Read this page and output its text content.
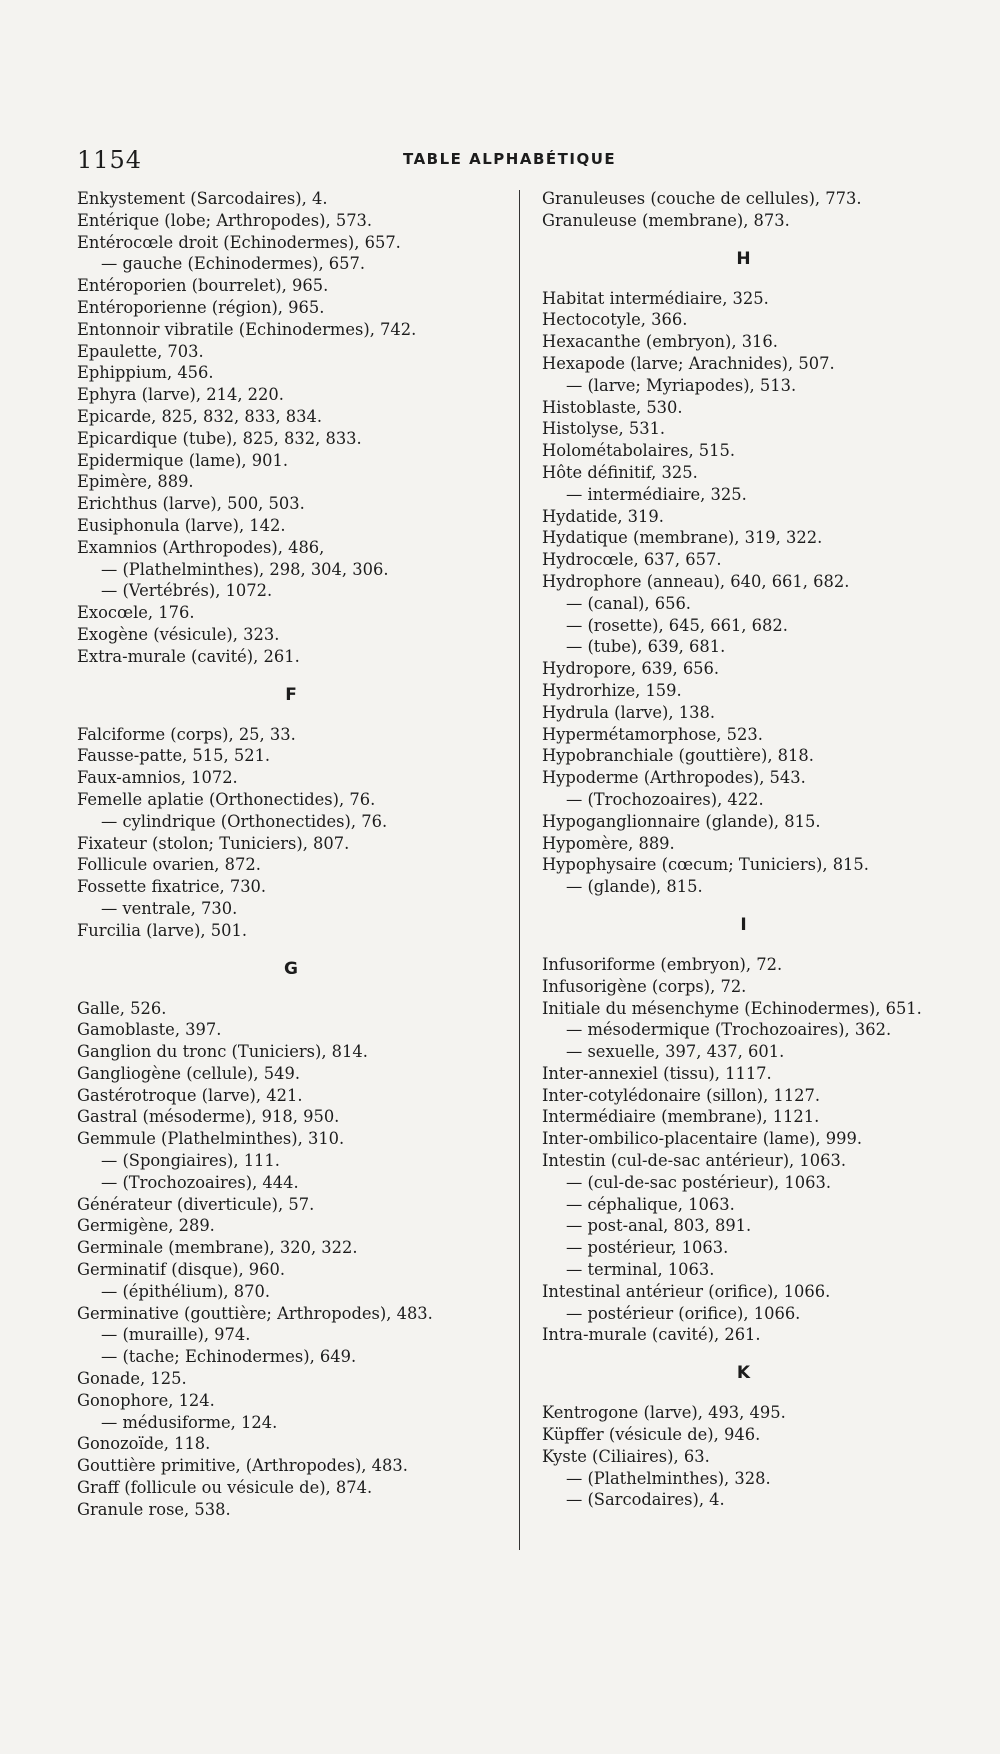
1154	TABLE ALPHABÉTIQUE
Enkystement (Sarcodaires), 4.
Entérique (lobe; Arthropodes), 573.
Entérocœle droit (Echinodermes), 657.
— gauche (Echinodermes), 657.
Entéroporien (bourrelet), 965.
Entéroporienne (région), 965.
Entonnoir vibratile (Echinodermes), 742.
Epaulette, 703.
Ephippium, 456.
Ephyra (larve), 214, 220.
Epicarde, 825, 832, 833, 834.
Epicardique (tube), 825, 832, 833.
Epidermique (lame), 901.
Epimère, 889.
Erichthus (larve), 500, 503.
Eusiphonula (larve), 142.
Examnios (Arthropodes), 486,
— (Plathelminthes), 298, 304, 306.
— (Vertébrés), 1072.
Exocœle, 176.
Exogène (vésicule), 323.
Extra-murale (cavité), 261.
F
Falciforme (corps), 25, 33.
Fausse-patte, 515, 521.
Faux-amnios, 1072.
Femelle aplatie (Orthonectides), 76.
— cylindrique (Orthonectides), 76.
Fixateur (stolon; Tuniciers), 807.
Follicule ovarien, 872.
Fossette fixatrice, 730.
— ventrale, 730.
Furcilia (larve), 501.
G
Galle, 526.
Gamoblaste, 397.
Ganglion du tronc (Tuniciers), 814.
Gangliogène (cellule), 549.
Gastérotroque (larve), 421.
Gastral (mésoderme), 918, 950.
Gemmule (Plathelminthes), 310.
— (Spongiaires), 111.
— (Trochozoaires), 444.
Générateur (diverticule), 57.
Germigène, 289.
Germinale (membrane), 320, 322.
Germinatif (disque), 960.
— (épithélium), 870.
Germinative (gouttière; Arthropodes), 483.
— (muraille), 974.
— (tache; Echinodermes), 649.
Gonade, 125.
Gonophore, 124.
— médusiforme, 124.
Gonozoïde, 118.
Gouttière primitive, (Arthropodes), 483.
Graff (follicule ou vésicule de), 874.
Granule rose, 538.
Granuleuses (couche de cellules), 773.
Granuleuse (membrane), 873.
H
Habitat intermédiaire, 325.
Hectocotyle, 366.
Hexacanthe (embryon), 316.
Hexapode (larve; Arachnides), 507.
— (larve; Myriapodes), 513.
Histoblaste, 530.
Histolyse, 531.
Holométabolaires, 515.
Hôte définitif, 325.
— intermédiaire, 325.
Hydatide, 319.
Hydatique (membrane), 319, 322.
Hydrocœle, 637, 657.
Hydrophore (anneau), 640, 661, 682.
— (canal), 656.
— (rosette), 645, 661, 682.
— (tube), 639, 681.
Hydropore, 639, 656.
Hydrorhize, 159.
Hydrula (larve), 138.
Hypermétamorphose, 523.
Hypobranchiale (gouttière), 818.
Hypoderme (Arthropodes), 543.
— (Trochozoaires), 422.
Hypoganglionnaire (glande), 815.
Hypomère, 889.
Hypophysaire (cœcum; Tuniciers), 815.
— (glande), 815.
I
Infusoriforme (embryon), 72.
Infusorigène (corps), 72.
Initiale du mésenchyme (Echinodermes), 651.
— mésodermique (Trochozoaires), 362.
— sexuelle, 397, 437, 601.
Inter-annexiel (tissu), 1117.
Inter-cotylédonaire (sillon), 1127.
Intermédiaire (membrane), 1121.
Inter-ombilico-placentaire (lame), 999.
Intestin (cul-de-sac antérieur), 1063.
— (cul-de-sac postérieur), 1063.
— céphalique, 1063.
— post-anal, 803, 891.
— postérieur, 1063.
— terminal, 1063.
Intestinal antérieur (orifice), 1066.
— postérieur (orifice), 1066.
Intra-murale (cavité), 261.
K
Kentrogone (larve), 493, 495.
Küpffer (vésicule de), 946.
Kyste (Ciliaires), 63.
— (Plathelminthes), 328.
— (Sarcodaires), 4.
